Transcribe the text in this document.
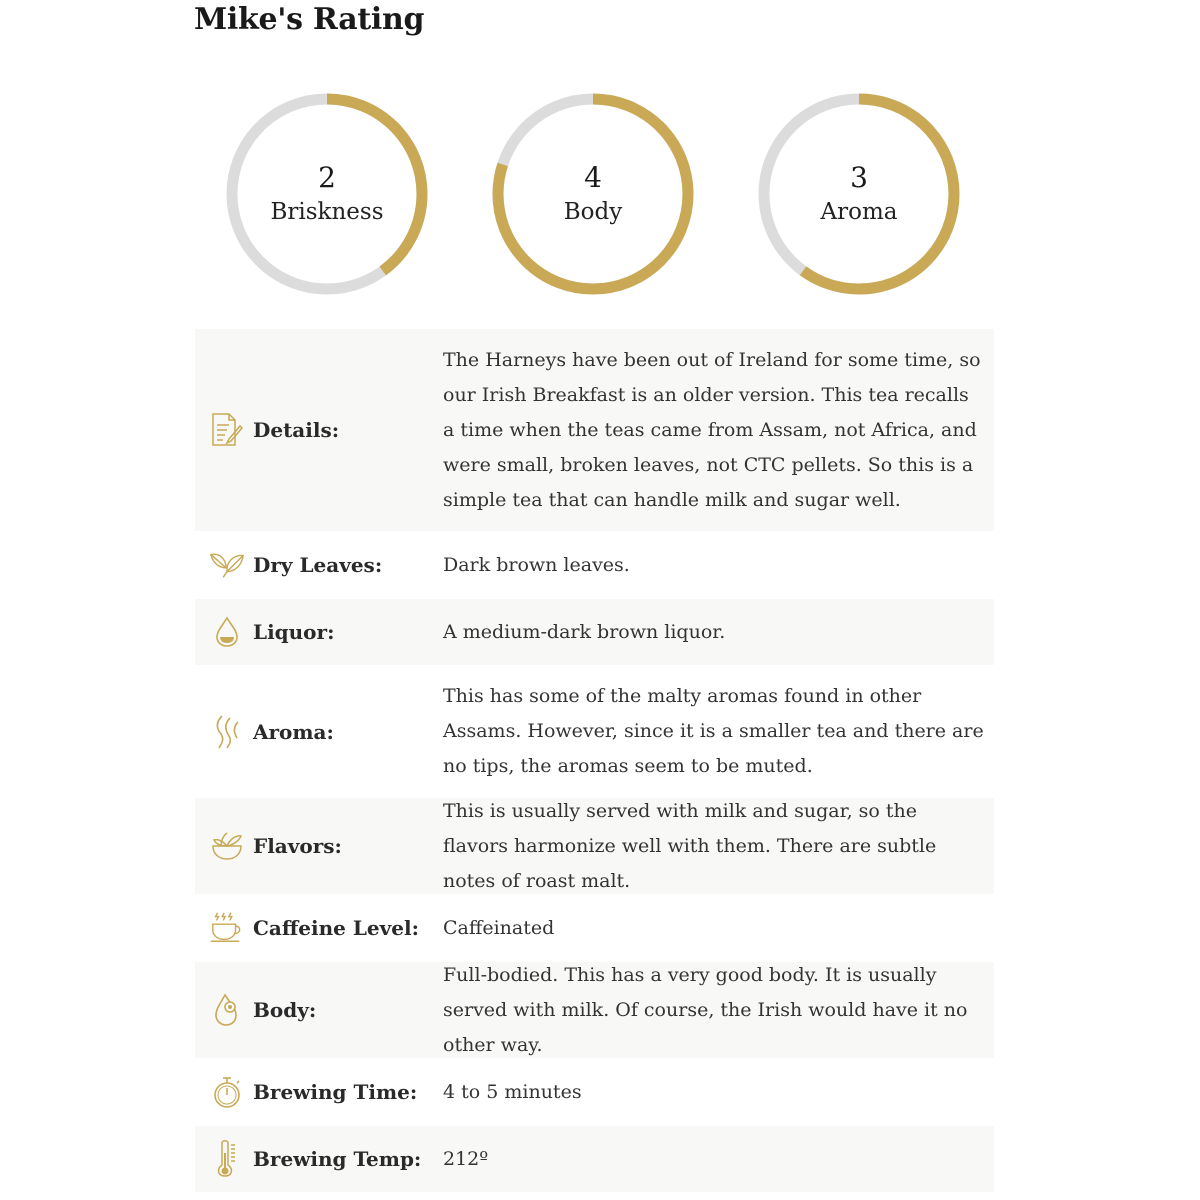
Mike's Rating
2
Briskness
4
Body
3
Aroma
Details:
The Harneys have been out of Ireland for some time, so our Irish Breakfast is an older version. This tea recalls a time when the teas came from Assam, not Africa, and were small, broken leaves, not CTC pellets. So this is a simple tea that can handle milk and sugar well.
Dry Leaves:	Dark brown leaves.
Liquor:	A medium-dark brown liquor.
Aroma:
This has some of the malty aromas found in other Assams. However, since it is a smaller tea and there are no tips, the aromas seem to be muted.
Flavors:
This is usually served with milk and sugar, so the flavors harmonize well with them. There are subtle notes of roast malt.
Caffeine Level: Caffeinated
Body:
Full-bodied. This has a very good body. It is usually served with milk. Of course, the Irish would have it no other way.
Brewing Time: 4 to 5 minutes
Brewing Temp: 212º
